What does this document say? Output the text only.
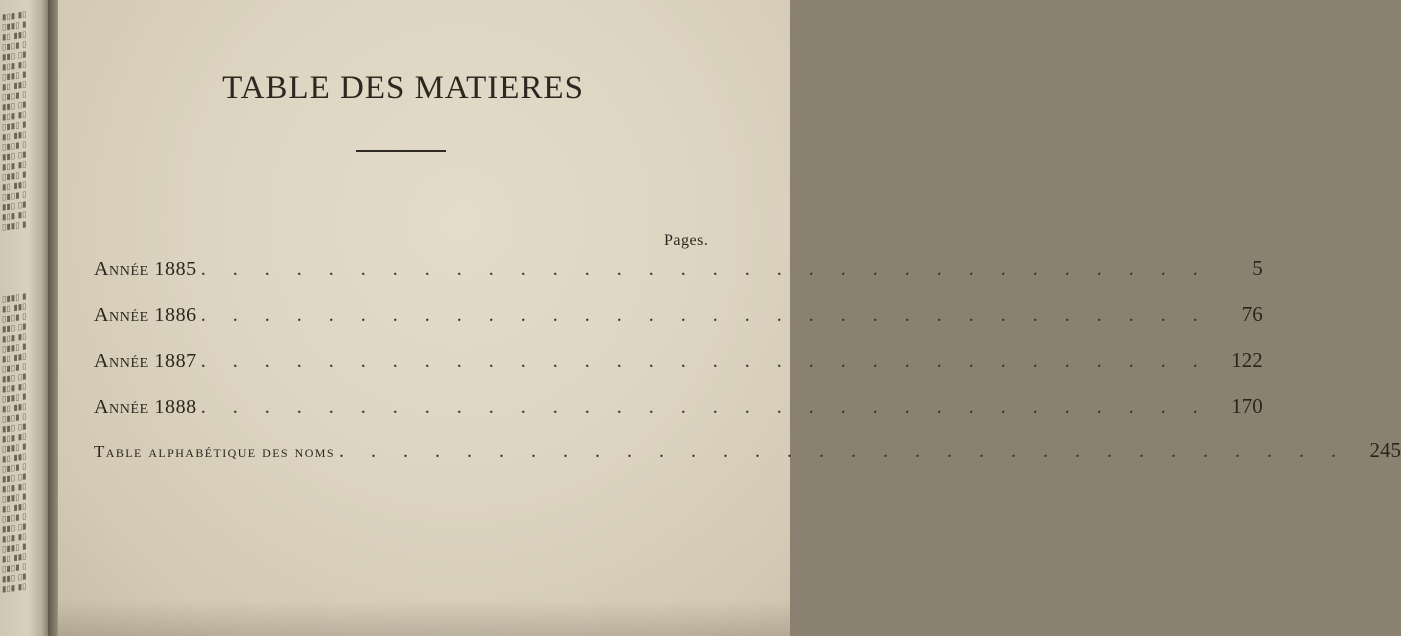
▮▯▮ ▮▯
▯▮▮▯ ▮
▮▯ ▮▮▯
▯▮▯▮ ▯
▮▮▯ ▯▮
▮▯▮ ▮▯
▯▮▮▯ ▮
▮▯ ▮▮▯
▯▮▯▮ ▯
▮▮▯ ▯▮
▮▯▮ ▮▯
▯▮▮▯ ▮
▮▯ ▮▮▯
▯▮▯▮ ▯
▮▮▯ ▯▮
▮▯▮ ▮▯
▯▮▮▯ ▮
▮▯ ▮▮▯
▯▮▯▮ ▯
▮▮▯ ▯▮
▮▯▮ ▮▯
▯▮▮▯ ▮
▯▮▮▯ ▮
▮▯ ▮▮▯
▯▮▯▮ ▯
▮▮▯ ▯▮
▮▯▮ ▮▯
▯▮▮▯ ▮
▮▯ ▮▮▯
▯▮▯▮ ▯
▮▮▯ ▯▮
▮▯▮ ▮▯
▯▮▮▯ ▮
▮▯ ▮▮▯
▯▮▯▮ ▯
▮▮▯ ▯▮
▮▯▮ ▮▯
▯▮▮▯ ▮
▮▯ ▮▮▯
▯▮▯▮ ▯
▮▮▯ ▯▮
▮▯▮ ▮▯
▯▮▮▯ ▮
▮▯ ▮▮▯
▯▮▯▮ ▯
▮▮▯ ▯▮
▮▯▮ ▮▯
▯▮▮▯ ▮
▮▯ ▮▮▯
▯▮▯▮ ▯
▮▮▯ ▯▮
▮▯▮ ▮▯
TABLE DES MATIERES
Pages.
Année 1885 . . . . . . . . . . . . . . . . . . . . . . . . . . . . . . . .	5
Année 1886 . . . . . . . . . . . . . . . . . . . . . . . . . . . . . . . .	76
Année 1887 . . . . . . . . . . . . . . . . . . . . . . . . . . . . . . . .	122
Année 1888 . . . . . . . . . . . . . . . . . . . . . . . . . . . . . . . .	170
Table alphabétique des noms . . . . . . . . . . . . . . . . . . . . . . . . . . . . . . . .	245
